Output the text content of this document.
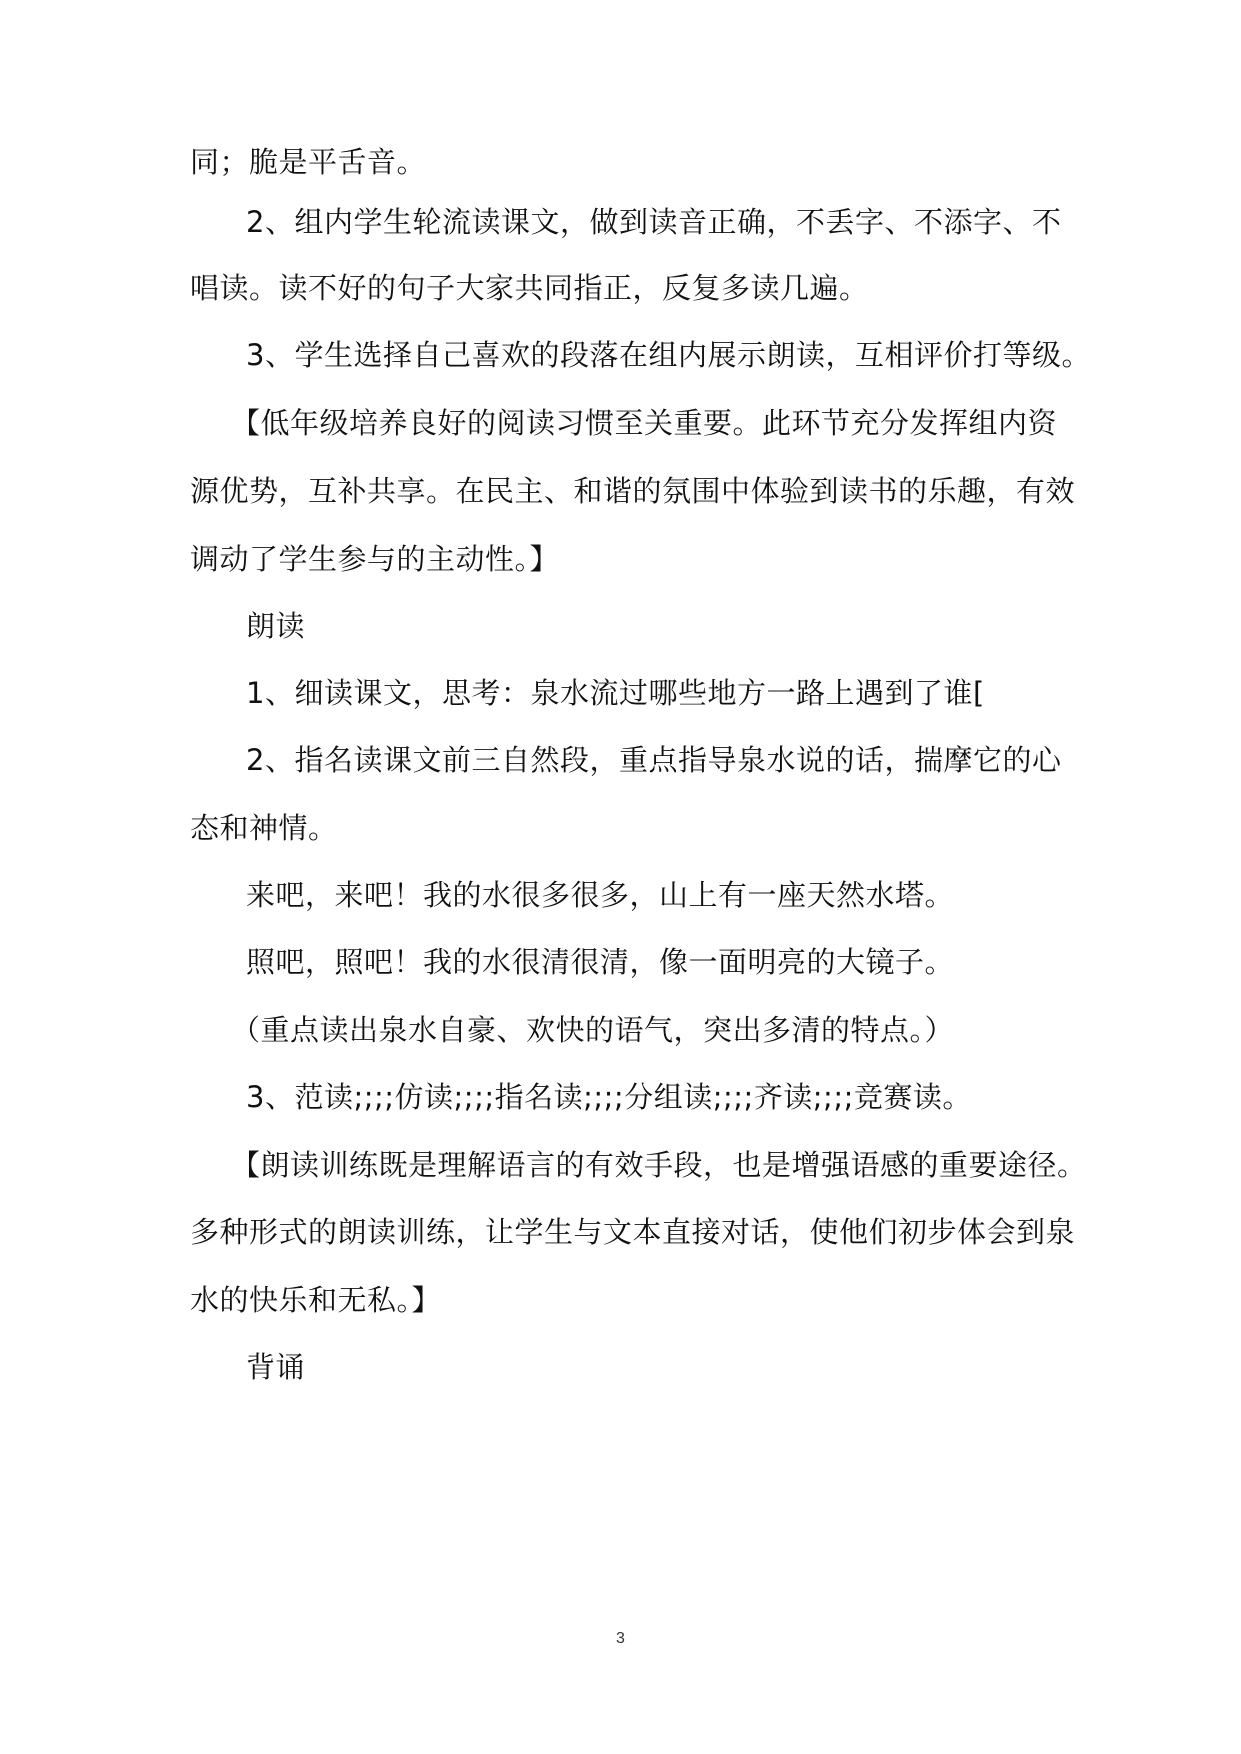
同；脆是平舌音。
2、组内学生轮流读课文，做到读音正确，不丢字、不添字、不
唱读。读不好的句子大家共同指正，反复多读几遍。
3、学生选择自己喜欢的段落在组内展示朗读，互相评价打等级。
【低年级培养良好的阅读习惯至关重要。此环节充分发挥组内资
源优势，互补共享。在民主、和谐的氛围中体验到读书的乐趣，有效
调动了学生参与的主动性。】
朗读
1、细读课文，思考：泉水流过哪些地方一路上遇到了谁[
2、指名读课文前三自然段，重点指导泉水说的话，揣摩它的心
态和神情。
来吧，来吧！我的水很多很多，山上有一座天然水塔。
照吧，照吧！我的水很清很清，像一面明亮的大镜子。
（重点读出泉水自豪、欢快的语气，突出多清的特点。）
3、范读;;;;仿读;;;;指名读;;;;分组读;;;;齐读;;;;竞赛读。
【朗读训练既是理解语言的有效手段，也是增强语感的重要途径。
多种形式的朗读训练，让学生与文本直接对话，使他们初步体会到泉
水的快乐和无私。】
背诵
3
